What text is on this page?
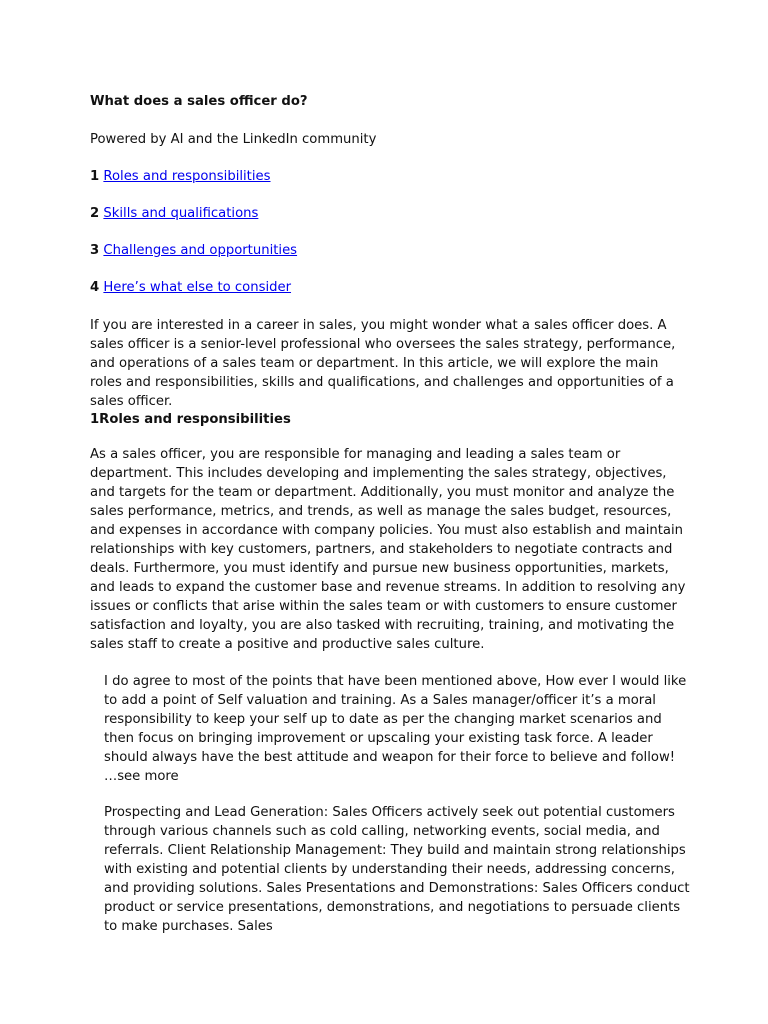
What does a sales officer do?

Powered by AI and the LinkedIn community

1 Roles and responsibilities
2 Skills and qualifications
3 Challenges and opportunities
4 Here’s what else to consider

If you are interested in a career in sales, you might wonder what a sales officer does. A sales officer is a senior-level professional who oversees the sales strategy, performance, and operations of a sales team or department. In this article, we will explore the main roles and responsibilities, skills and qualifications, and challenges and opportunities of a sales officer.

1Roles and responsibilities

As a sales officer, you are responsible for managing and leading a sales team or department. This includes developing and implementing the sales strategy, objectives, and targets for the team or department. Additionally, you must monitor and analyze the sales performance, metrics, and trends, as well as manage the sales budget, resources, and expenses in accordance with company policies. You must also establish and maintain relationships with key customers, partners, and stakeholders to negotiate contracts and deals. Furthermore, you must identify and pursue new business opportunities, markets, and leads to expand the customer base and revenue streams. In addition to resolving any issues or conflicts that arise within the sales team or with customers to ensure customer satisfaction and loyalty, you are also tasked with recruiting, training, and motivating the sales staff to create a positive and productive sales culture.

I do agree to most of the points that have been mentioned above, How ever I would like to add a point of Self valuation and training. As a Sales manager/officer it’s a moral responsibility to keep your self up to date as per the changing market scenarios and then focus on bringing improvement or upscaling your existing task force. A leader should always have the best attitude and weapon for their force to believe and follow!
…see more
Prospecting and Lead Generation: Sales Officers actively seek out potential customers through various channels such as cold calling, networking events, social media, and referrals. Client Relationship Management: They build and maintain strong relationships with existing and potential clients by understanding their needs, addressing concerns, and providing solutions. Sales Presentations and Demonstrations: Sales Officers conduct product or service presentations, demonstrations, and negotiations to persuade clients to make purchases. Sales
